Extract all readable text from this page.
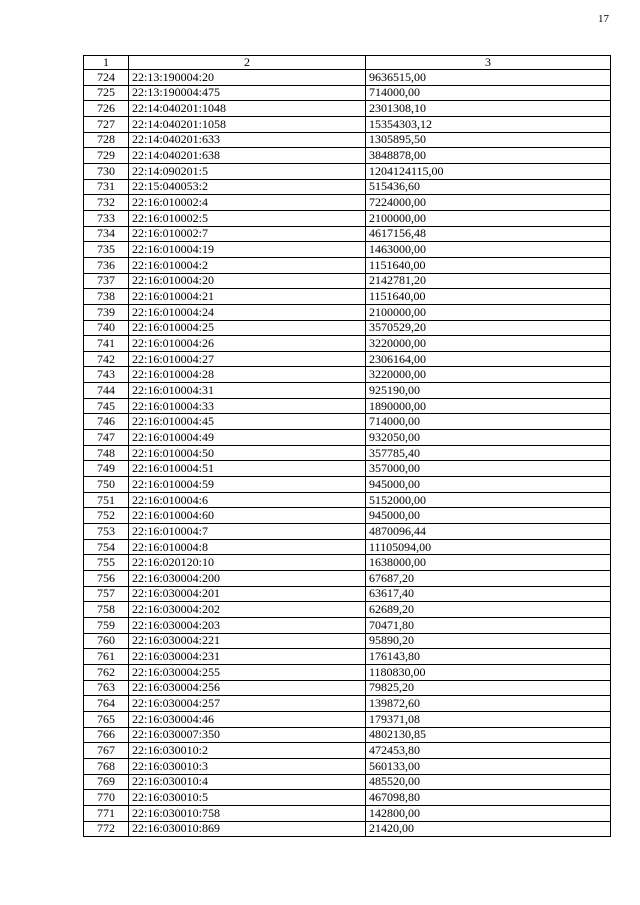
17
1	2	3
724	22:13:190004:20	9636515,00
725	22:13:190004:475	714000,00
726	22:14:040201:1048	2301308,10
727	22:14:040201:1058	15354303,12
728	22:14:040201:633	1305895,50
729	22:14:040201:638	3848878,00
730	22:14:090201:5	1204124115,00
731	22:15:040053:2	515436,60
732	22:16:010002:4	7224000,00
733	22:16:010002:5	2100000,00
734	22:16:010002:7	4617156,48
735	22:16:010004:19	1463000,00
736	22:16:010004:2	1151640,00
737	22:16:010004:20	2142781,20
738	22:16:010004:21	1151640,00
739	22:16:010004:24	2100000,00
740	22:16:010004:25	3570529,20
741	22:16:010004:26	3220000,00
742	22:16:010004:27	2306164,00
743	22:16:010004:28	3220000,00
744	22:16:010004:31	925190,00
745	22:16:010004:33	1890000,00
746	22:16:010004:45	714000,00
747	22:16:010004:49	932050,00
748	22:16:010004:50	357785,40
749	22:16:010004:51	357000,00
750	22:16:010004:59	945000,00
751	22:16:010004:6	5152000,00
752	22:16:010004:60	945000,00
753	22:16:010004:7	4870096,44
754	22:16:010004:8	11105094,00
755	22:16:020120:10	1638000,00
756	22:16:030004:200	67687,20
757	22:16:030004:201	63617,40
758	22:16:030004:202	62689,20
759	22:16:030004:203	70471,80
760	22:16:030004:221	95890,20
761	22:16:030004:231	176143,80
762	22:16:030004:255	1180830,00
763	22:16:030004:256	79825,20
764	22:16:030004:257	139872,60
765	22:16:030004:46	179371,08
766	22:16:030007:350	4802130,85
767	22:16:030010:2	472453,80
768	22:16:030010:3	560133,00
769	22:16:030010:4	485520,00
770	22:16:030010:5	467098,80
771	22:16:030010:758	142800,00
772	22:16:030010:869	21420,00
